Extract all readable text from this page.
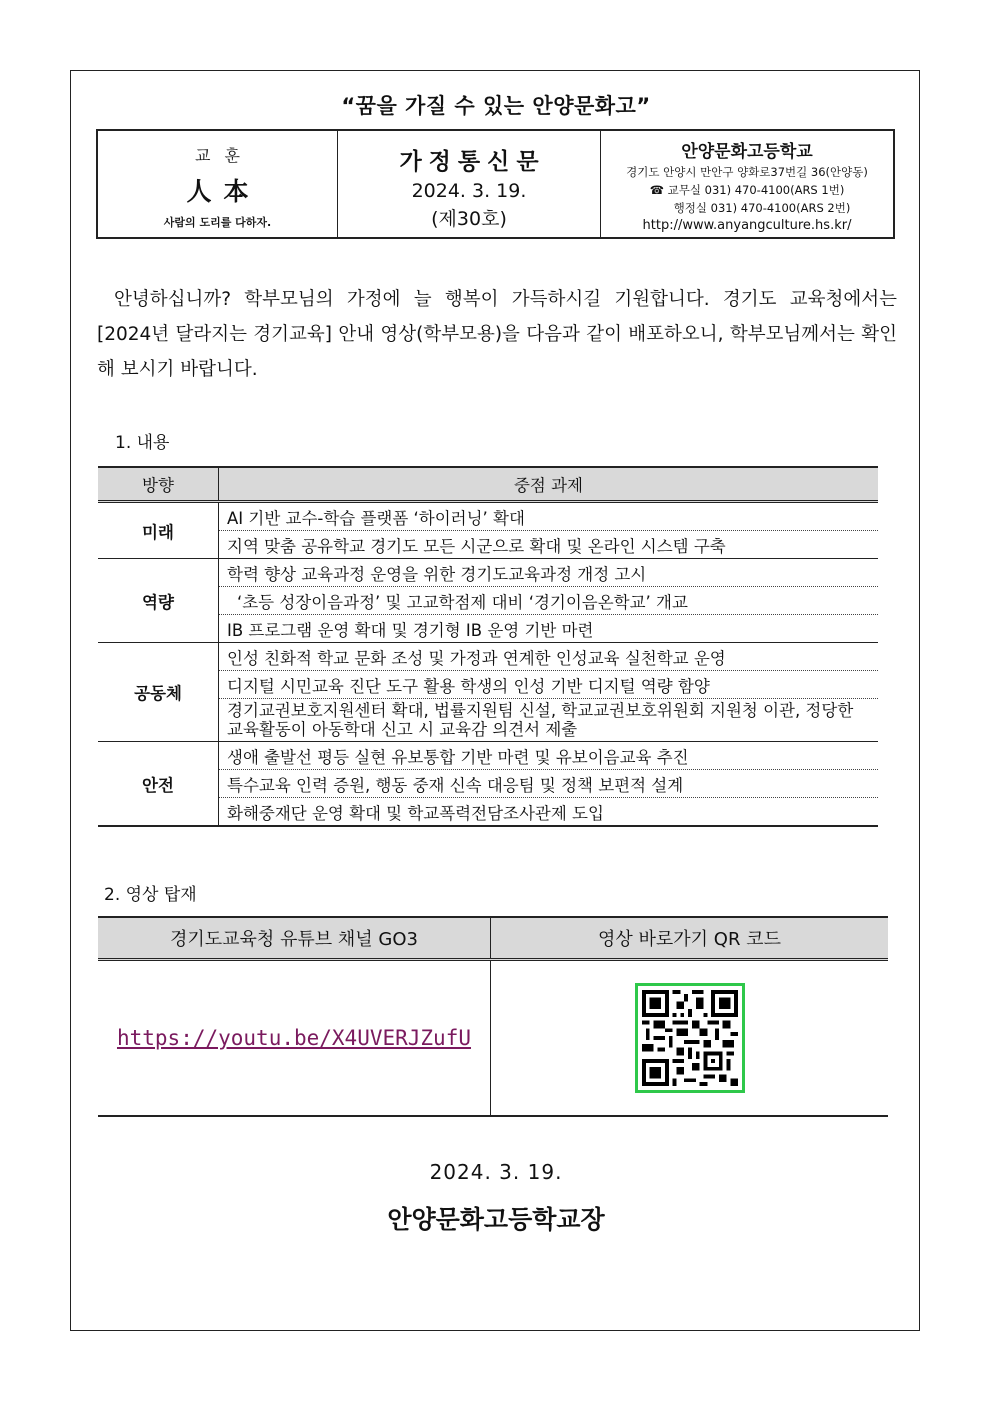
“꿈을 가질 수 있는 안양문화고”
교훈
人本
사람의 도리를 다하자.
가정통신문
2024. 3. 19.
(제30호)
안양문화고등학교
경기도 안양시 만안구 양화로37번길 36(안양동)
☎ 교무실 031) 470-4100(ARS 1번)
행정실 031) 470-4100(ARS 2번)
http://www.anyangculture.hs.kr/
안녕하십니까? 학부모님의 가정에 늘 행복이 가득하시길 기원합니다. 경기도 교육청에서는 [2024년 달라지는 경기교육] 안내 영상(학부모용)을 다음과 같이 배포하오니, 학부모님께서는 확인해 보시기 바랍니다.
1. 내용
방향	중점 과제
미래	AI 기반 교수-학습 플랫폼 ‘하이러닝’ 확대
	지역 맞춤 공유학교 경기도 모든 시군으로 확대 및 온라인 시스템 구축
역량	학력 향상 교육과정 운영을 위한 경기도교육과정 개정 고시
	‘초등 성장이음과정’ 및 고교학점제 대비 ‘경기이음온학교’ 개교
	IB 프로그램 운영 확대 및 경기형 IB 운영 기반 마련
공동체	인성 친화적 학교 문화 조성 및 가정과 연계한 인성교육 실천학교 운영
	디지털 시민교육 진단 도구 활용 학생의 인성 기반 디지털 역량 함양
	경기교권보호지원센터 확대, 법률지원팀 신설, 학교교권보호위원회 지원청 이관, 정당한 교육활동이 아동학대 신고 시 교육감 의견서 제출
안전	생애 출발선 평등 실현 유보통합 기반 마련 및 유보이음교육 추진
	특수교육 인력 증원, 행동 중재 신속 대응팀 및 정책 보편적 설계
	화해중재단 운영 확대 및 학교폭력전담조사관제 도입
2. 영상 탑재
경기도교육청 유튜브 채널 GO3	영상 바로가기 QR 코드
https://youtu.be/X4UVERJZufU	
2024. 3. 19.
안양문화고등학교장
